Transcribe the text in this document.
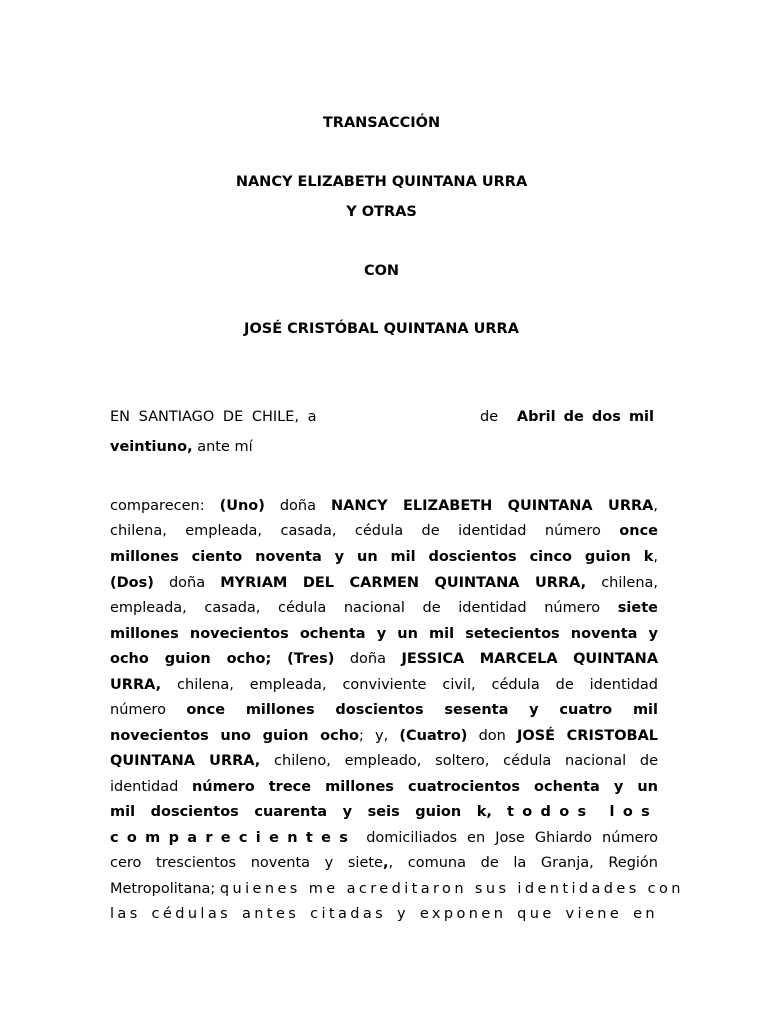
TRANSACCIÓN
NANCY ELIZABETH QUINTANA URRA
Y OTRAS
CON
JOSÉ CRISTÓBAL QUINTANA URRA
EN SANTIAGO DE CHILE, a	de Abril de dos mil
veintiuno, ante mí
comparecen: (Uno) doña NANCY ELIZABETH QUINTANA URRA,
chilena, empleada, casada, cédula de identidad número once
millones ciento noventa y un mil doscientos cinco guion k,
(Dos) doña MYRIAM DEL CARMEN QUINTANA URRA, chilena,
empleada, casada, cédula nacional de identidad número siete
millones novecientos ochenta y un mil setecientos noventa y
ocho guion ocho; (Tres) doña JESSICA MARCELA QUINTANA
URRA, chilena, empleada, conviviente civil, cédula de identidad
número once millones doscientos sesenta y cuatro mil
novecientos uno guion ocho; y, (Cuatro) don JOSÉ CRISTOBAL
QUINTANA URRA, chileno, empleado, soltero, cédula nacional de
identidad número trece millones cuatrocientos ochenta y un
mil doscientos cuarenta y seis guion k, todos los
comparecientes domiciliados en Jose Ghiardo número
cero trescientos noventa y siete,, comuna de la Granja, Región
Metropolitana; quienes me acreditaron sus identidades con
las cédulas antes citadas y exponen que viene en
